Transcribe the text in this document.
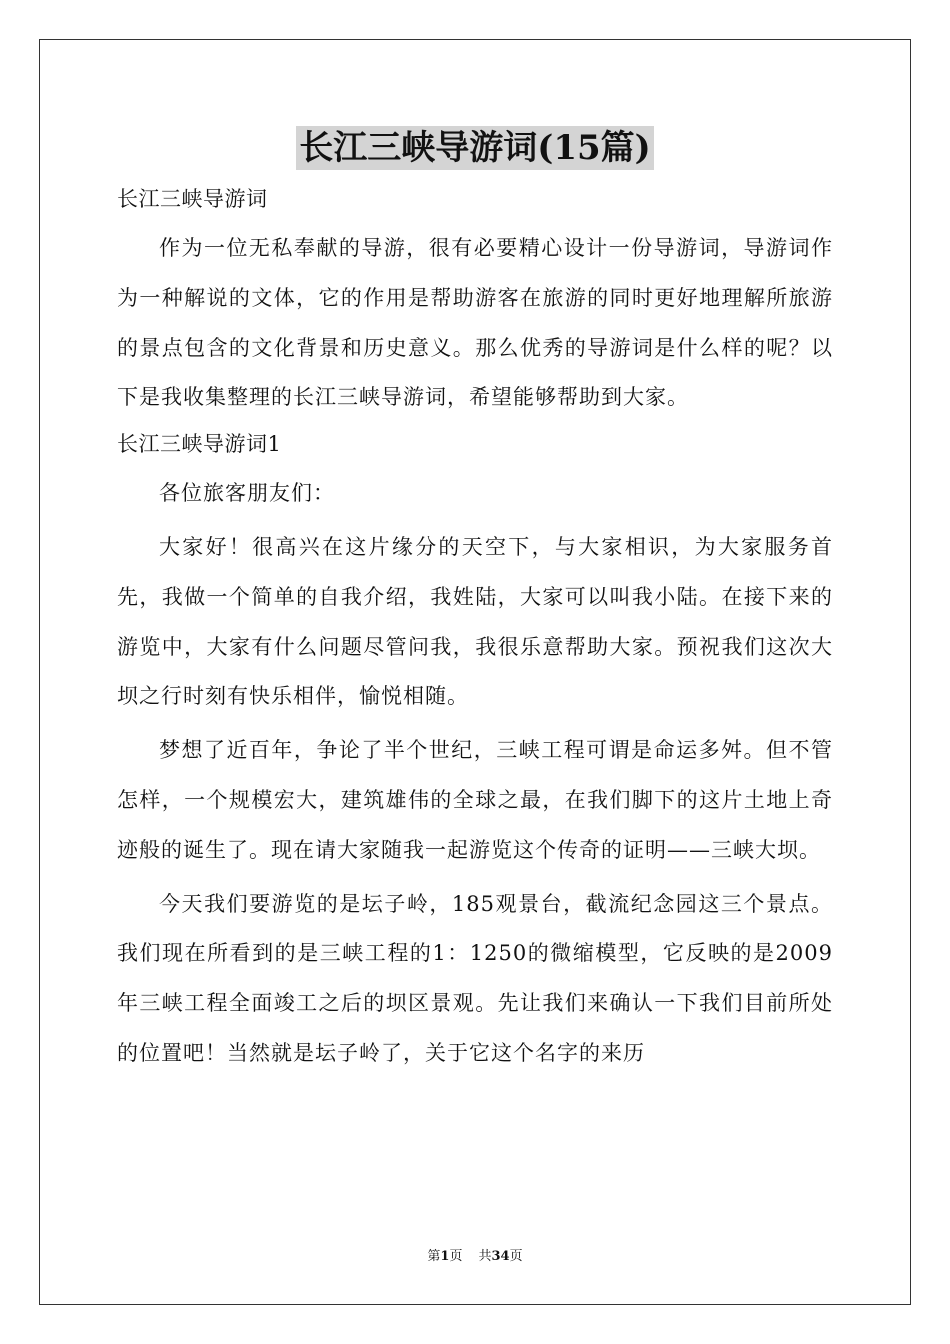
长江三峡导游词(15篇)
长江三峡导游词

作为一位无私奉献的导游，很有必要精心设计一份导游词，导游词作为一种解说的文体，它的作用是帮助游客在旅游的同时更好地理解所旅游的景点包含的文化背景和历史意义。那么优秀的导游词是什么样的呢？以下是我收集整理的长江三峡导游词，希望能够帮助到大家。

长江三峡导游词1

各位旅客朋友们：

大家好！很高兴在这片缘分的天空下，与大家相识，为大家服务首先，我做一个简单的自我介绍，我姓陆，大家可以叫我小陆。在接下来的游览中，大家有什么问题尽管问我，我很乐意帮助大家。预祝我们这次大坝之行时刻有快乐相伴，愉悦相随。

梦想了近百年，争论了半个世纪，三峡工程可谓是命运多舛。但不管怎样，一个规模宏大，建筑雄伟的全球之最，在我们脚下的这片土地上奇迹般的诞生了。现在请大家随我一起游览这个传奇的证明——三峡大坝。

今天我们要游览的是坛子岭，185观景台，截流纪念园这三个景点。我们现在所看到的是三峡工程的1：1250的微缩模型，它反映的是2009年三峡工程全面竣工之后的坝区景观。先让我们来确认一下我们目前所处的位置吧！当然就是坛子岭了，关于它这个名字的来历

第1页 共34页
